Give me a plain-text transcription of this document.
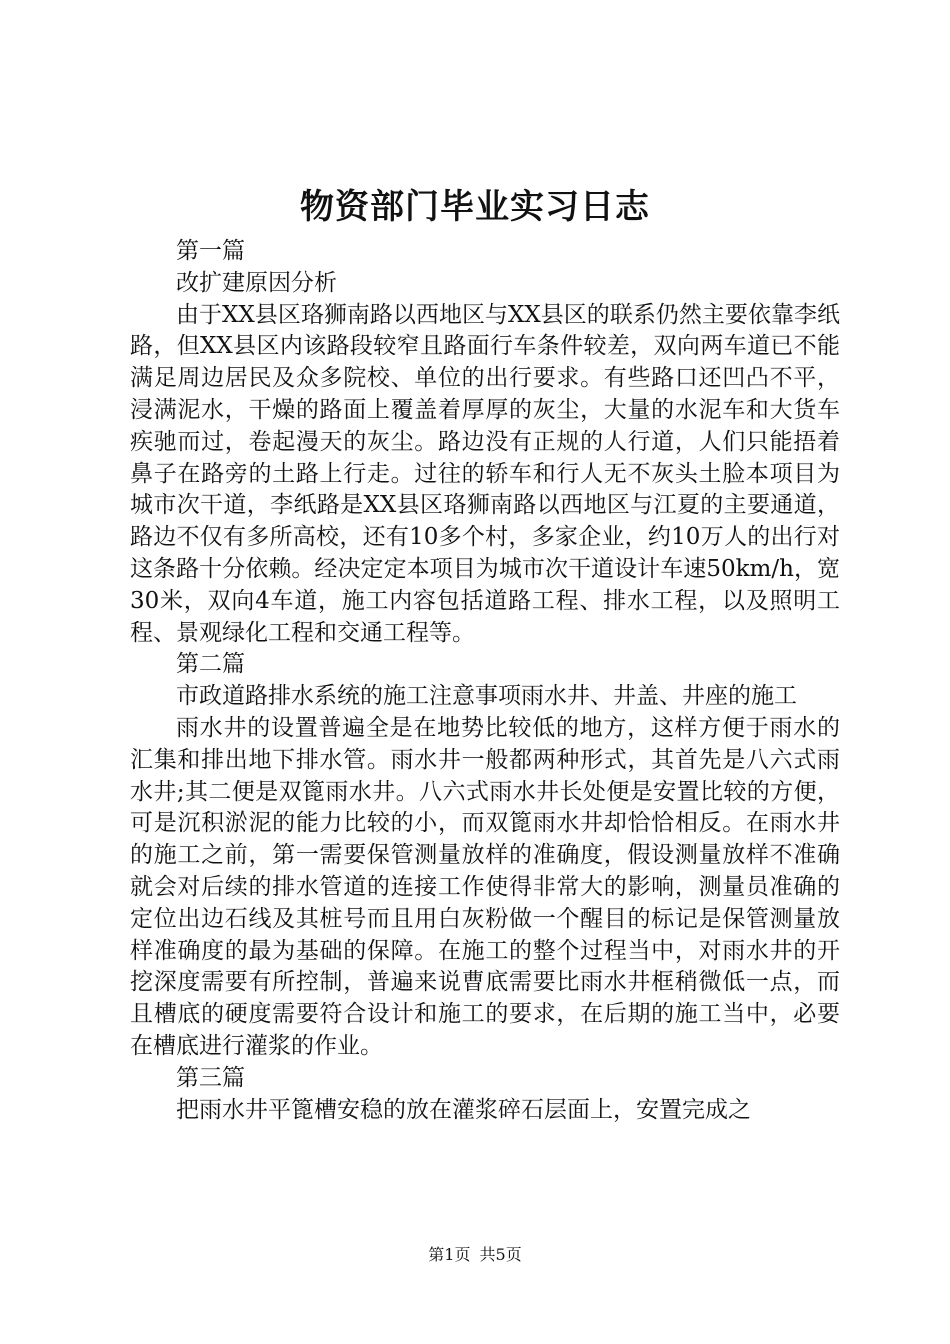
物资部门毕业实习日志

第一篇

改扩建原因分析

由于XX县区珞狮南路以西地区与XX县区的联系仍然主要依靠李纸路，但XX县区内该路段较窄且路面行车条件较差，双向两车道已不能满足周边居民及众多院校、单位的出行要求。有些路口还凹凸不平，浸满泥水，干燥的路面上覆盖着厚厚的灰尘，大量的水泥车和大货车疾驰而过，卷起漫天的灰尘。路边没有正规的人行道，人们只能捂着鼻子在路旁的土路上行走。过往的轿车和行人无不灰头土脸本项目为城市次干道，李纸路是XX县区珞狮南路以西地区与江夏的主要通道，路边不仅有多所高校，还有10多个村，多家企业，约10万人的出行对这条路十分依赖。经决定定本项目为城市次干道设计车速50km/h，宽30米，双向4车道，施工内容包括道路工程、排水工程，以及照明工程、景观绿化工程和交通工程等。

第二篇

市政道路排水系统的施工注意事项雨水井、井盖、井座的施工

雨水井的设置普遍全是在地势比较低的地方，这样方便于雨水的汇集和排出地下排水管。雨水井一般都两种形式，其首先是八六式雨水井;其二便是双篦雨水井。八六式雨水井长处便是安置比较的方便，可是沉积淤泥的能力比较的小，而双篦雨水井却恰恰相反。在雨水井的施工之前，第一需要保管测量放样的准确度，假设测量放样不准确就会对后续的排水管道的连接工作使得非常大的影响，测量员准确的定位出边石线及其桩号而且用白灰粉做一个醒目的标记是保管测量放样准确度的最为基础的保障。在施工的整个过程当中，对雨水井的开挖深度需要有所控制，普遍来说曹底需要比雨水井框稍微低一点，而且槽底的硬度需要符合设计和施工的要求，在后期的施工当中，必要在槽底进行灌浆的作业。

第三篇

把雨水井平篦槽安稳的放在灌浆碎石层面上，安置完成之

第1页 共5页
